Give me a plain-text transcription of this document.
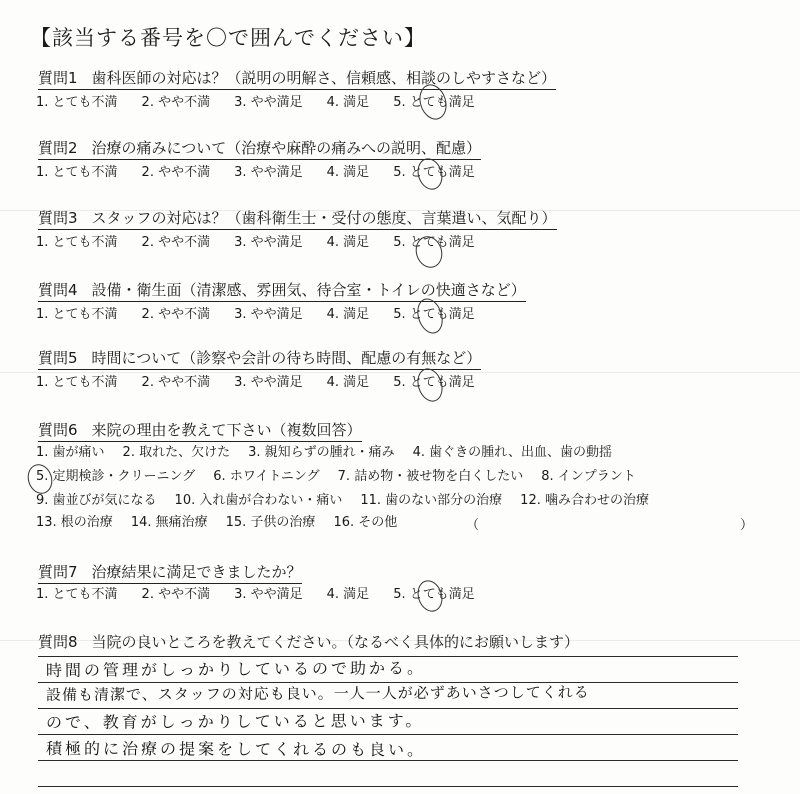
【該当する番号を〇で囲んでください】
質問1 歯科医師の対応は？（説明の明解さ、信頼感、相談のしやすさなど）
1. とても不満 2. やや不満 3. やや満足 4. 満足 5. とても満足
質問2 治療の痛みについて（治療や麻酔の痛みへの説明、配慮）
1. とても不満 2. やや不満 3. やや満足 4. 満足 5. とても満足
質問3 スタッフの対応は？（歯科衛生士・受付の態度、言葉遣い、気配り）
1. とても不満 2. やや不満 3. やや満足 4. 満足 5. とても満足
質問4 設備・衛生面（清潔感、雰囲気、待合室・トイレの快適さなど）
1. とても不満 2. やや不満 3. やや満足 4. 満足 5. とても満足
質問5 時間について（診察や会計の待ち時間、配慮の有無など）
1. とても不満 2. やや不満 3. やや満足 4. 満足 5. とても満足
質問6 来院の理由を教えて下さい（複数回答）
1. 歯が痛い 2. 取れた、欠けた 3. 親知らずの腫れ・痛み 4. 歯ぐきの腫れ、出血、歯の動揺
5. 定期検診・クリーニング 6. ホワイトニング 7. 詰め物・被せ物を白くしたい 8. インプラント
9. 歯並びが気になる 10. 入れ歯が合わない・痛い 11. 歯のない部分の治療 12. 噛み合わせの治療
13. 根の治療 14. 無痛治療 15. 子供の治療 16. その他	（	）
質問7 治療結果に満足できましたか？
1. とても不満 2. やや不満 3. やや満足 4. 満足 5. とても満足
質問8 当院の良いところを教えてください。（なるべく具体的にお願いします）
時間の管理がしっかりしているので助かる。
設備も清潔で、スタッフの対応も良い。一人一人が必ずあいさつしてくれる
ので、教育がしっかりしていると思います。
積極的に治療の提案をしてくれるのも良い。
